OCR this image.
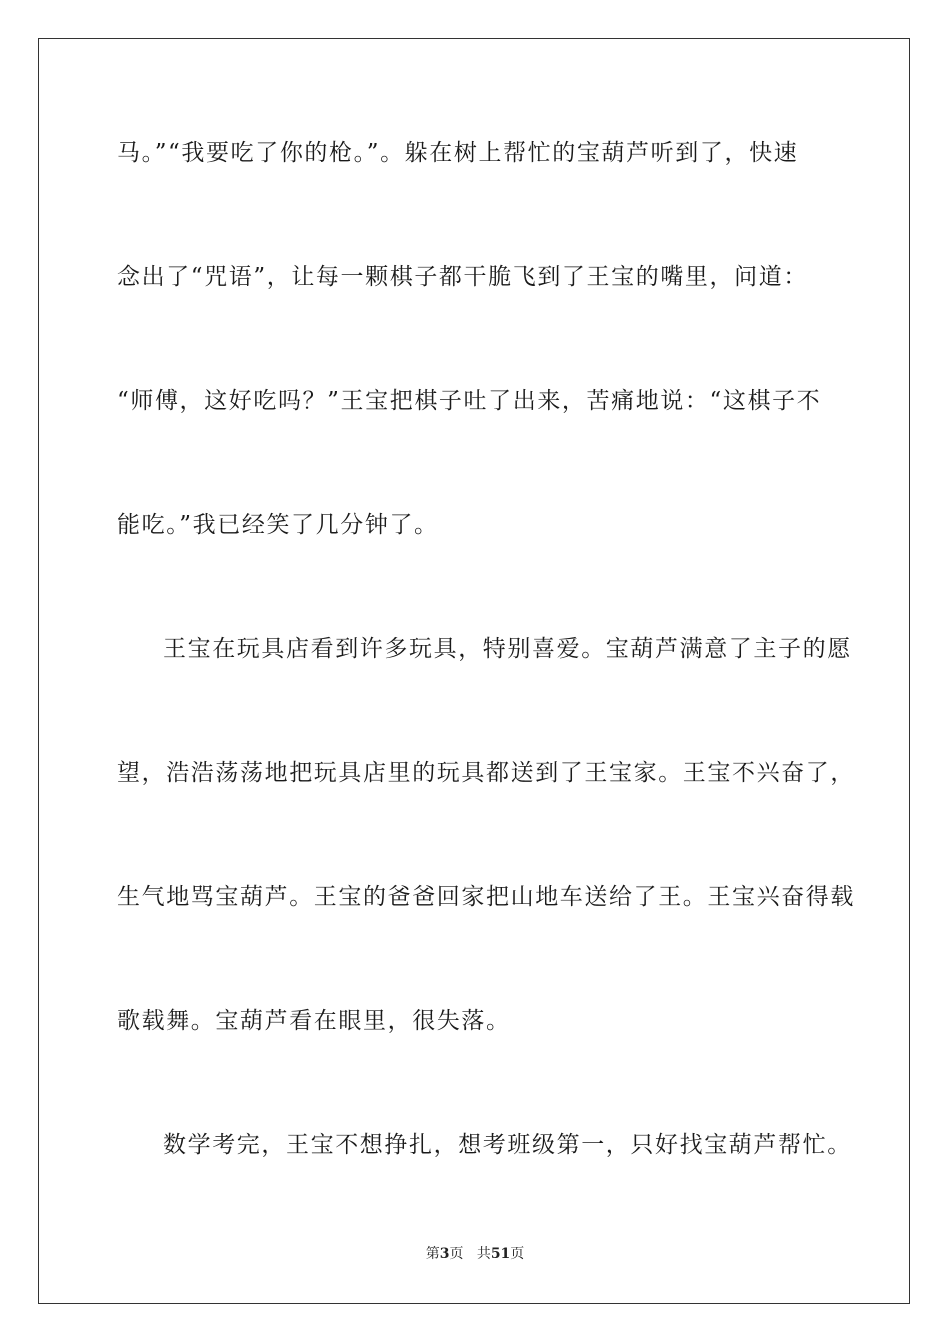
马。”“我要吃了你的枪。”。躲在树上帮忙的宝葫芦听到了，快速
念出了“咒语”，让每一颗棋子都干脆飞到了王宝的嘴里，问道：
“师傅，这好吃吗？”王宝把棋子吐了出来，苦痛地说：“这棋子不
能吃。”我已经笑了几分钟了。
王宝在玩具店看到许多玩具，特别喜爱。宝葫芦满意了主子的愿
望，浩浩荡荡地把玩具店里的玩具都送到了王宝家。王宝不兴奋了，
生气地骂宝葫芦。王宝的爸爸回家把山地车送给了王。王宝兴奋得载
歌载舞。宝葫芦看在眼里，很失落。
数学考完，王宝不想挣扎，想考班级第一，只好找宝葫芦帮忙。
第3页 共51页
